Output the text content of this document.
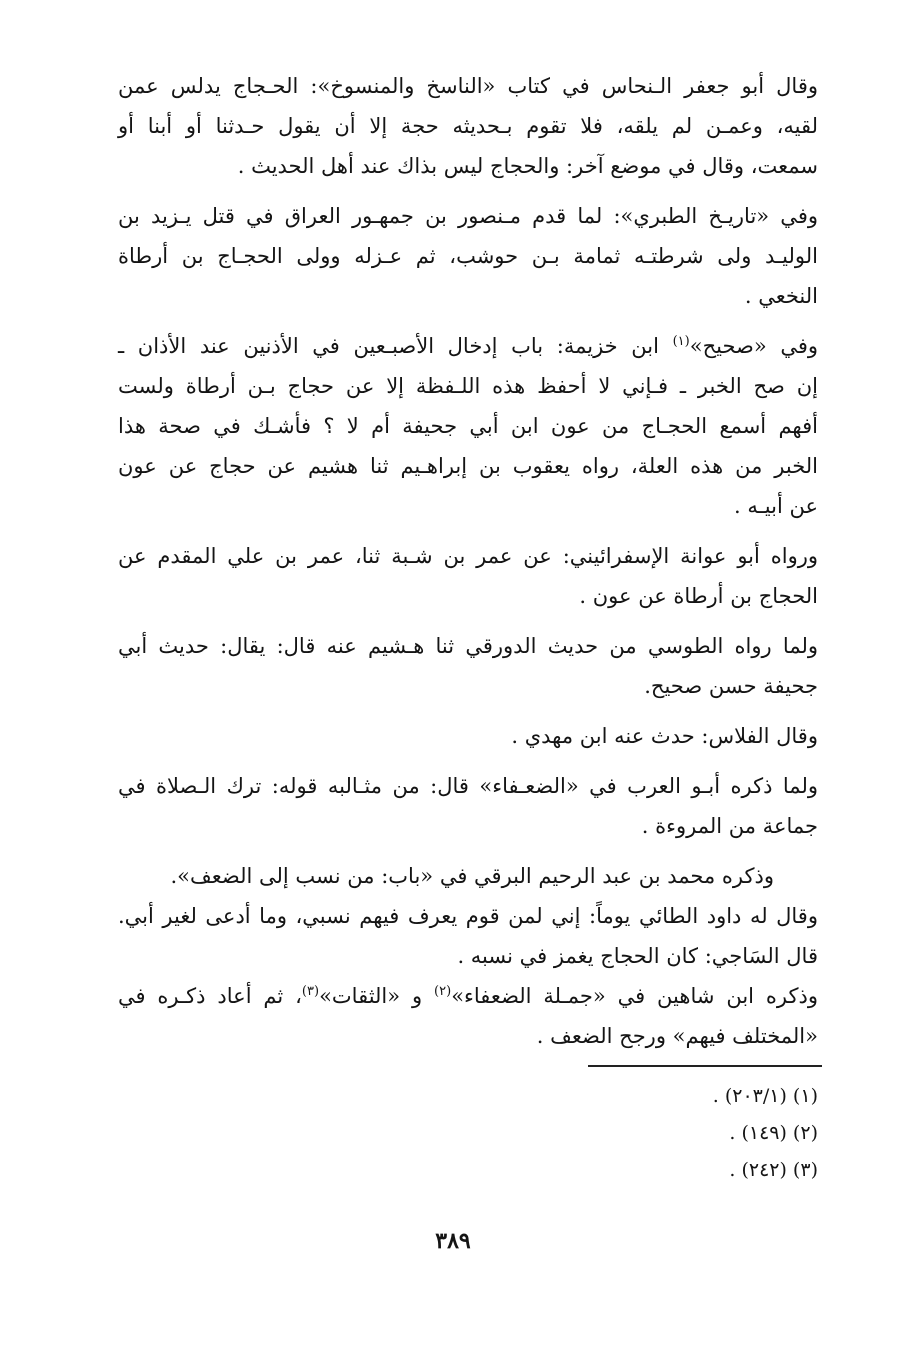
وقال أبو جعفر الـنحاس في كتاب «الناسخ والمنسوخ»: الحـجاج يدلس عمن
لقيه، وعمـن لم يلقه، فلا تقوم بـحديثه حجة إلا أن يقول حـدثنا أو أبنا أو
سمعت، وقال في موضع آخر: والحجاج ليس بذاك عند أهل الحديث .

وفي «تاريـخ الطبري»: لما قدم مـنصور بن جمهـور العراق في قتل يـزيد بن
الوليـد ولى شرطتـه ثمامة بـن حوشب، ثم عـزله وولى الحجـاج بن أرطاة
النخعي .

وفي «صحيح»$^{(١)}$ ابن خزيمة: باب إدخال الأصبـعين في الأذنين عند الأذان ـ
إن صح الخبر ـ فـإني لا أحفظ هذه اللـفظة إلا عن حجاج بـن أرطاة ولست
أفهم أسمع الحجـاج من عون ابن أبي جحيفة أم لا ؟ فأشـك في صحة هذا
الخبر من هذه العلة، رواه يعقوب بن إبراهـيم ثنا هشيم عن حجاج عن عون
عن أبيـه .

ورواه أبو عوانة الإسفرائيني: عن عمر بن شـبة ثنا، عمر بن علي المقدم عن
الحجاج بن أرطاة عن عون .

ولما رواه الطوسي من حديث الدورقي ثنا هـشيم عنه قال: يقال: حديث أبي
جحيفة حسن صحيح.

وقال الفلاس: حدث عنه ابن مهدي .

ولما ذكره أبـو العرب في «الضعـفاء» قال: من مثـالبه قوله: ترك الـصلاة في
جماعة من المروءة .

وذكره محمد بن عبد الرحيم البرقي في «باب: من نسب إلى الضعف».

وقال له داود الطائي يوماً: إني لمن قوم يعرف فيهم نسبي، وما أدعى لغير أبي.

قال السَاجي: كان الحجاج يغمز في نسبه .

وذكره ابن شاهين في «جمـلة الضعفاء»$^{(٢)}$ و «الثقات»$^{(٣)}$، ثم أعاد ذكـره في
«المختلف فيهم» ورجح الضعف .

(١) (٢٠٣/١) .
(٢) (١٤٩) .
(٣) (٢٤٢) .
٣٨٩
